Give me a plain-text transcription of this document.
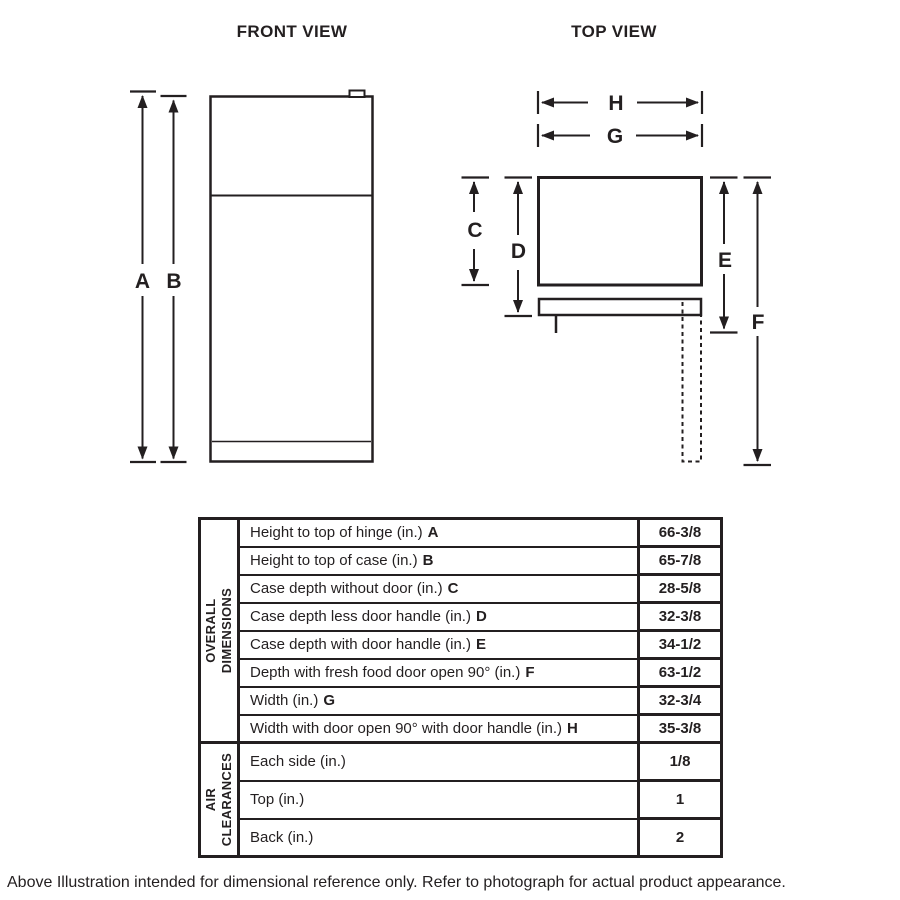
FRONT VIEW
A B
TOP VIEW
H
G
C
D	E
F
OVERALL
DIMENSIONS	Height to top of hinge (in.) A	66-3/8
	Height to top of case (in.) B	65-7/8
	Case depth without door (in.) C	28-5/8
	Case depth less door handle (in.) D	32-3/8
	Case depth with door handle (in.) E	34-1/2
	Depth with fresh food door open 90° (in.) F	63-1/2
	Width (in.) G	32-3/4
	Width with door open 90° with door handle (in.) H	35-3/8

AIR
CLEARANCES	Each side (in.)	1/8
	Top (in.)	1
	Back (in.)	2
Above Illustration intended for dimensional reference only. Refer to photograph for actual product appearance.
